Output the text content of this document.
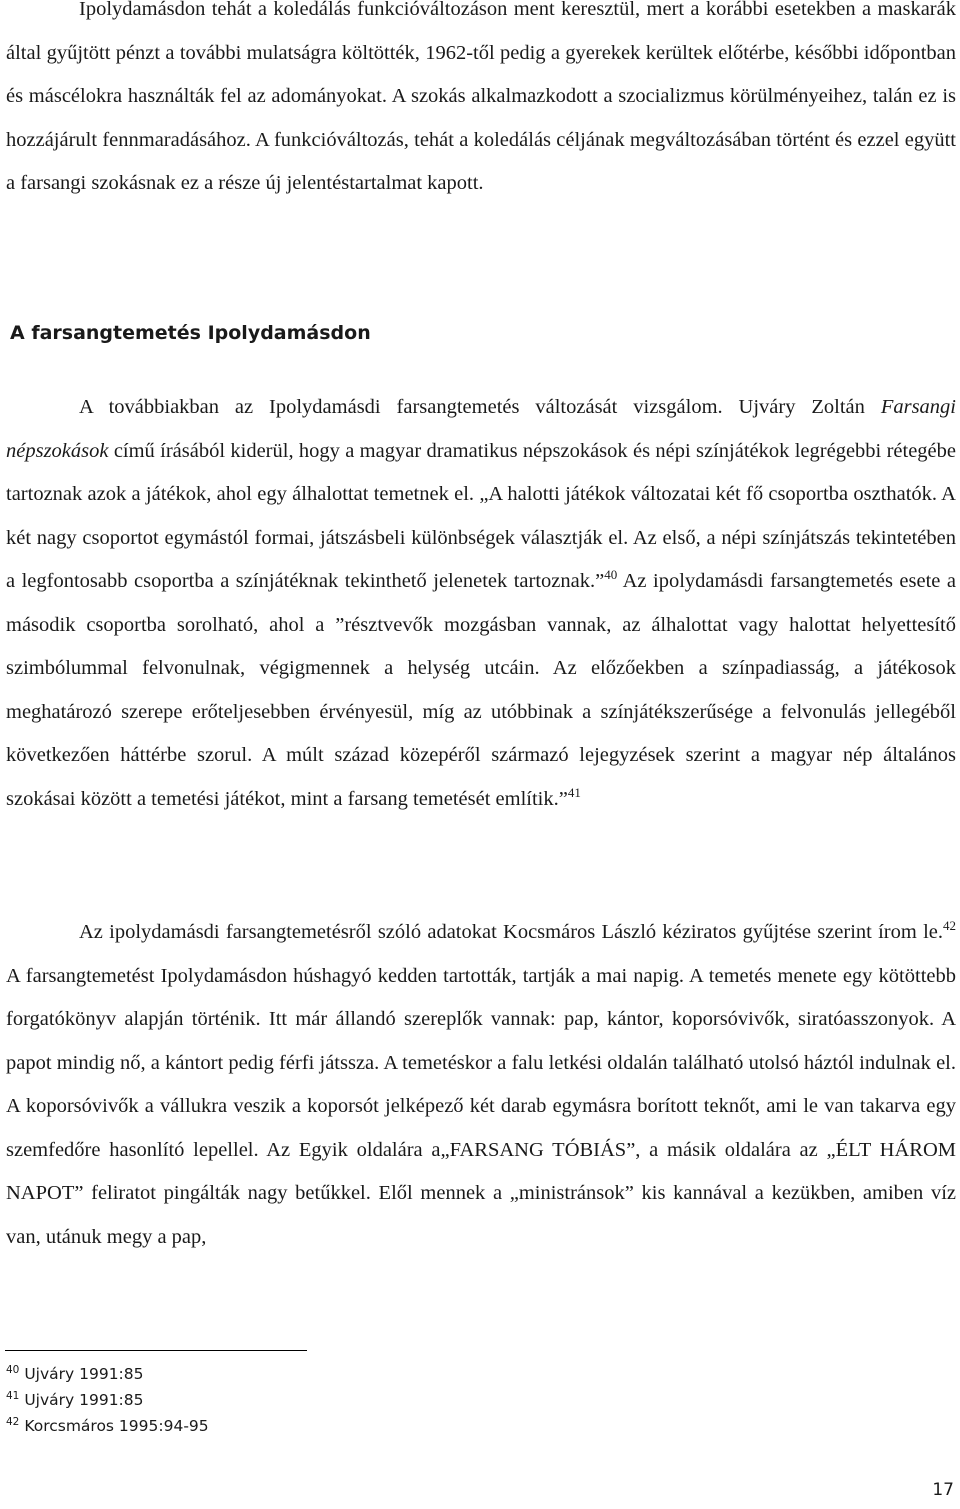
Ipolydamásdon tehát a koledálás funkcióváltozáson ment keresztül, mert a korábbi esetekben a maskarák által gyűjtött pénzt a további mulatságra költötték, 1962-től pedig a gyerekek kerültek előtérbe, későbbi időpontban és máscélokra használták fel az adományokat. A szokás alkalmazkodott a szocializmus körülményeihez, talán ez is hozzájárult fennmaradásához. A funkcióváltozás, tehát a koledálás céljának megváltozásában történt és ezzel együtt a farsangi szokásnak ez a része új jelentéstartalmat kapott.

A farsangtemetés Ipolydamásdon

A továbbiakban az Ipolydamásdi farsangtemetés változását vizsgálom. Ujváry Zoltán Farsangi népszokások című írásából kiderül, hogy a magyar dramatikus népszokások és népi színjátékok legrégebbi rétegébe tartoznak azok a játékok, ahol egy álhalottat temetnek el. „A halotti játékok változatai két fő csoportba oszthatók. A két nagy csoportot egymástól formai, játszásbeli különbségek választják el. Az első, a népi színjátszás tekintetében a legfontosabb csoportba a színjátéknak tekinthető jelenetek tartoznak.”$^{40}$ Az ipolydamásdi farsangtemetés esete a második csoportba sorolható, ahol a ”résztvevők mozgásban vannak, az álhalottat vagy halottat helyettesítő szimbólummal felvonulnak, végigmennek a helység utcáin. Az előzőekben a színpadiasság, a játékosok meghatározó szerepe erőteljesebben érvényesül, míg az utóbbinak a színjátékszerűsége a felvonulás jellegéből következően háttérbe szorul. A múlt század közepéről származó lejegyzések szerint a magyar nép általános szokásai között a temetési játékot, mint a farsang temetését említik.”$^{41}$

Az ipolydamásdi farsangtemetésről szóló adatokat Kocsmáros László kéziratos gyűjtése szerint írom le.$^{42}$ A farsangtemetést Ipolydamásdon húshagyó kedden tartották, tartják a mai napig. A temetés menete egy kötöttebb forgatókönyv alapján történik. Itt már állandó szereplők vannak: pap, kántor, koporsóvivők, siratóasszonyok. A papot mindig nő, a kántort pedig férfi játssza. A temetéskor a falu letkési oldalán található utolsó háztól indulnak el. A koporsóvivők a vállukra veszik a koporsót jelképező két darab egymásra borított teknőt, ami le van takarva egy szemfedőre hasonlító lepellel. Az Egyik oldalára a„FARSANG TÓBIÁS”, a másik oldalára az „ÉLT HÁROM NAPOT” feliratot pingálták nagy betűkkel. Elől mennek a „ministránsok” kis kannával a kezükben, amiben víz van, utánuk megy a pap,

$^{40}$ Ujváry 1991:85
$^{41}$ Ujváry 1991:85
$^{42}$ Korcsmáros 1995:94-95
17
